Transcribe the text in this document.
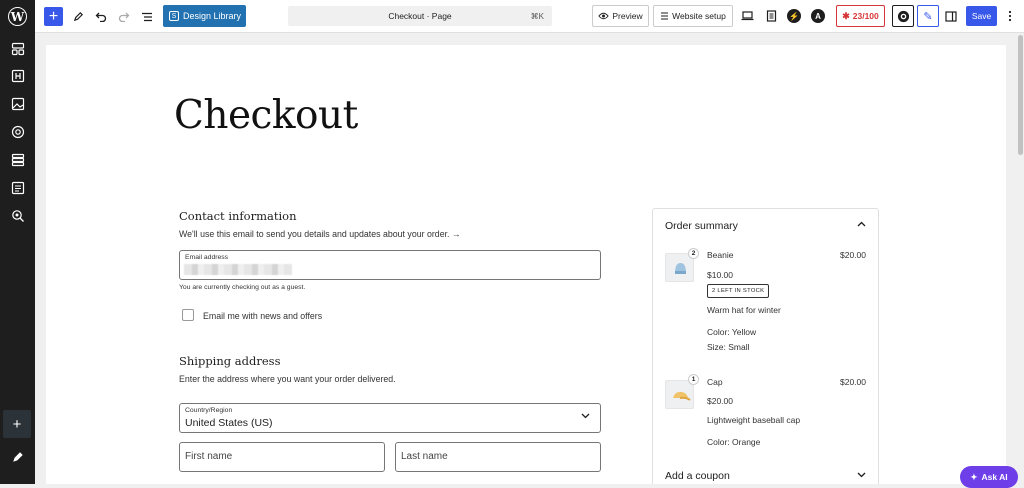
W +	S Design Library	Checkout · Page	⌘K	Preview	Website setup	⚡	A	✱ 23/100	✎	Save
+
Checkout
Contact information
We'll use this email to send you details and updates about your order. →
Email address
You are currently checking out as a guest.
Email me with news and offers
Shipping address
Enter the address where you want your order delivered.
Country/Region
United States (US)
First name	Last name
Order summary
2	Beanie	$20.00
$10.00
2 LEFT IN STOCK
Warm hat for winter
Color: Yellow
Size: Small
1	Cap	$20.00
$20.00
Lightweight baseball cap
Color: Orange
Add a coupon	✦ Ask AI
